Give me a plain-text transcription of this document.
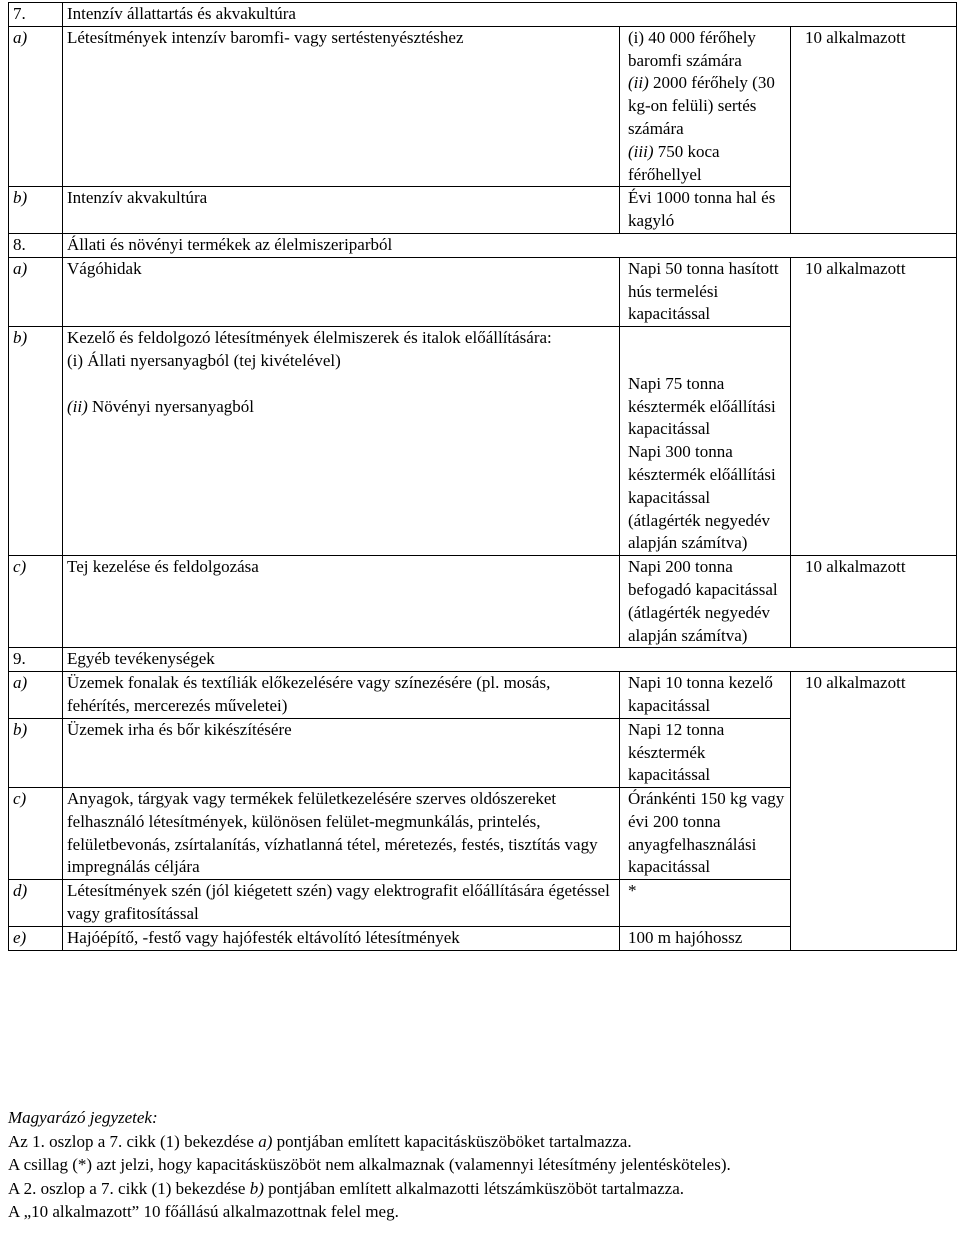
7.	Intenzív állattartás és akvakultúra		
a)	Létesítmények intenzív baromfi- vagy sertéstenyésztéshez	(i) 40 000 férőhely baromfi számára
(ii) 2000 férőhely (30 kg-on felüli) sertés számára
(iii) 750 koca férőhellyel	10 alkalmazott
b)	Intenzív akvakultúra	Évi 1000 tonna hal és kagyló	
8.	Állati és növényi termékek az élelmiszeriparból		
a)	Vágóhidak	Napi 50 tonna hasított hús termelési kapacitással	10 alkalmazott
b)	Kezelő és feldolgozó létesítmények élelmiszerek és italok előállítására:
(i) Állati nyersanyagból (tej kivételével)
(ii) Növényi nyersanyagból	Napi 75 tonna késztermék előállítási kapacitással
Napi 300 tonna késztermék előállítási kapacitással (átlagérték negyedév alapján számítva)	

c)	Tej kezelése és feldolgozása	Napi 200 tonna befogadó kapacitással (átlagérték negyedév alapján számítva)	10 alkalmazott
9.	Egyéb tevékenységek		
a)	Üzemek fonalak és textíliák előkezelésére vagy színezésére (pl. mosás, fehérítés, mercerezés műveletei)	Napi 10 tonna kezelő kapacitással	10 alkalmazott
b)	Üzemek irha és bőr kikészítésére	Napi 12 tonna késztermék kapacitással	
c)	Anyagok, tárgyak vagy termékek felületkezelésére szerves oldószereket felhasználó létesítmények, különösen felület-megmunkálás, printelés, felületbevonás, zsírtalanítás, vízhatlanná tétel, méretezés, festés, tisztítás vagy impregnálás céljára	Óránkénti 150 kg vagy évi 200 tonna anyagfelhasználási kapacitással	
d)	Létesítmények szén (jól kiégetett szén) vagy elektrografit előállítására égetéssel vagy grafitosítással	*	
e)	Hajóépítő, -festő vagy hajófesték eltávolító létesítmények	100 m hajóhossz	
Magyarázó jegyzetek:
Az 1. oszlop a 7. cikk (1) bekezdése a) pontjában említett kapacitásküszöböket tartalmazza.
A csillag (*) azt jelzi, hogy kapacitásküszöböt nem alkalmaznak (valamennyi létesítmény jelentésköteles).
A 2. oszlop a 7. cikk (1) bekezdése b) pontjában említett alkalmazotti létszámküszöböt tartalmazza.
A „10 alkalmazott” 10 főállású alkalmazottnak felel meg.
